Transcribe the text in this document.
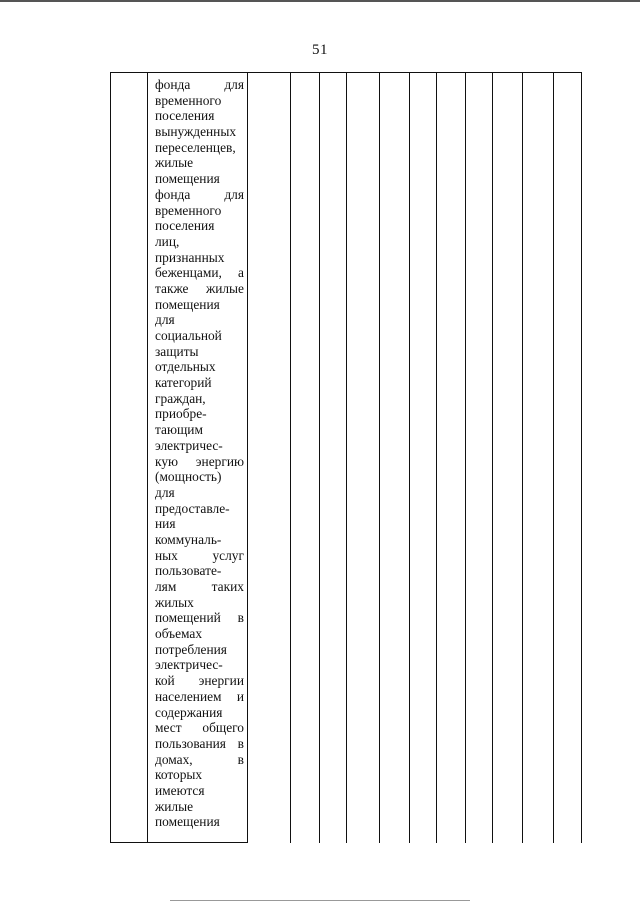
51
фонда для
временного
поселения
вынужденных
переселенцев,
жилые
помещения
фонда для
временного
поселения
лиц,
признанных
беженцами, а
также жилые
помещения
для
социальной
защиты
отдельных
категорий
граждан,
приобре-
тающим
электричес-
кую энергию
(мощность)
для
предоставле-
ния
коммуналь-
ных услуг
пользовате-
лям таких
жилых
помещений в
объемах
потребления
электричес-
кой энергии
населением и
содержания
мест общего
пользования в
домах, в
которых
имеются
жилые
помещения
